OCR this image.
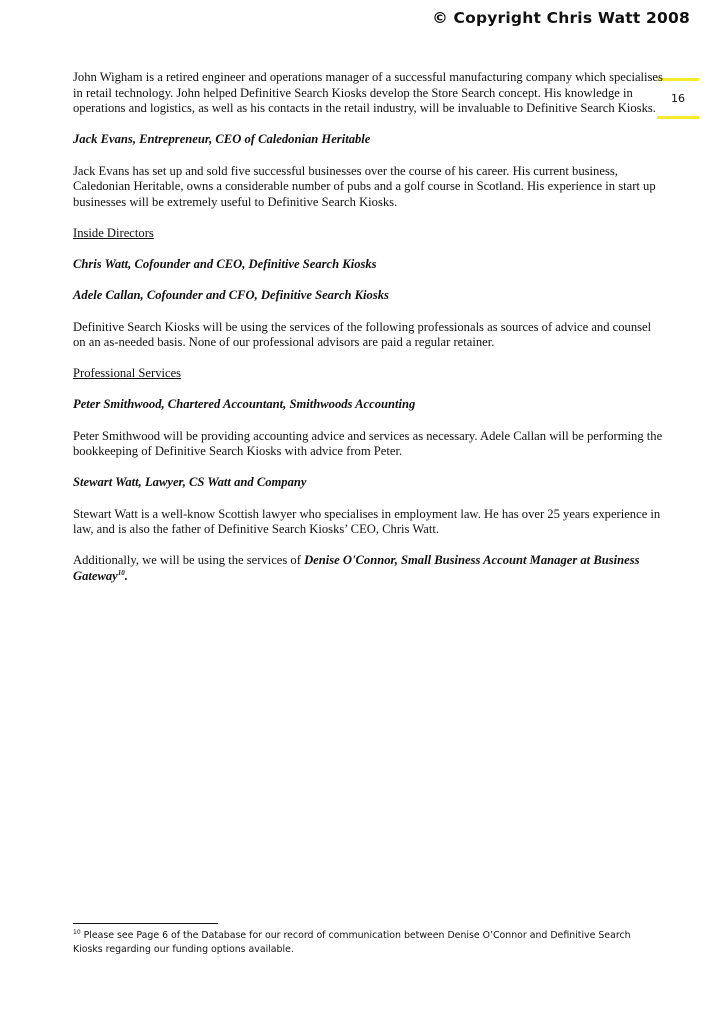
© Copyright Chris Watt 2008
16

John Wigham is a retired engineer and operations manager of a successful manufacturing company which specialises in retail technology. John helped Definitive Search Kiosks develop the Store Search concept. His knowledge in operations and logistics, as well as his contacts in the retail industry, will be invaluable to Definitive Search Kiosks.

Jack Evans, Entrepreneur, CEO of Caledonian Heritable

Jack Evans has set up and sold five successful businesses over the course of his career. His current business, Caledonian Heritable, owns a considerable number of pubs and a golf course in Scotland. His experience in start up businesses will be extremely useful to Definitive Search Kiosks.

Inside Directors

Chris Watt, Cofounder and CEO, Definitive Search Kiosks

Adele Callan, Cofounder and CFO, Definitive Search Kiosks

Definitive Search Kiosks will be using the services of the following professionals as sources of advice and counsel on an as-needed basis. None of our professional advisors are paid a regular retainer.

Professional Services

Peter Smithwood, Chartered Accountant, Smithwoods Accounting

Peter Smithwood will be providing accounting advice and services as necessary. Adele Callan will be performing the bookkeeping of Definitive Search Kiosks with advice from Peter.

Stewart Watt, Lawyer, CS Watt and Company

Stewart Watt is a well-know Scottish lawyer who specialises in employment law. He has over 25 years experience in law, and is also the father of Definitive Search Kiosks’ CEO, Chris Watt.

Additionally, we will be using the services of Denise O'Connor, Small Business Account Manager at Business Gateway$^{10}$.

$^{10}$ Please see Page 6 of the Database for our record of communication between Denise O’Connor and Definitive Search Kiosks regarding our funding options available.
